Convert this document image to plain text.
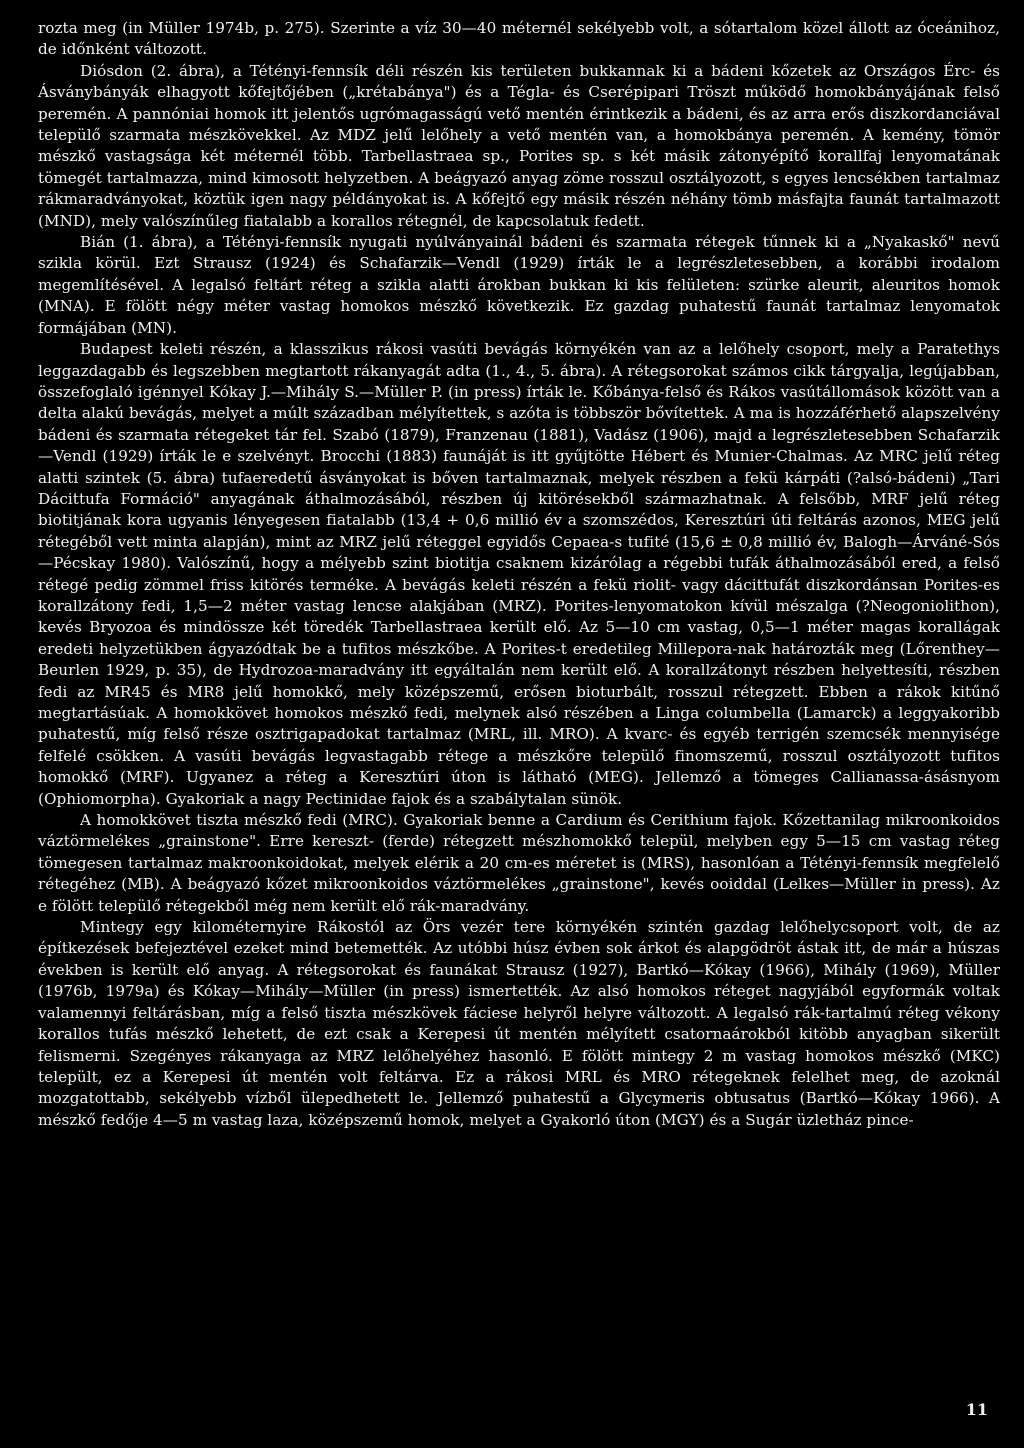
rozta meg (in Müller 1974b, p. 275). Szerinte a víz 30—40 méternél sekélyebb volt, a sótartalom közel állott az óceánihoz, de időnként változott.

Diósdon (2. ábra), a Tétényi-fennsík déli részén kis területen bukkannak ki a bádeni kőzetek az Országos Érc- és Ásványbányák elhagyott kőfejtőjében („krétabánya") és a Tégla- és Cserépipari Tröszt működő homokbányájának felső peremén. A pannóniai homok itt jelentős ugrómagasságú vető mentén érintkezik a bádeni, és az arra erős diszkordanciával települő szarmata mészkövekkel. Az MDZ jelű lelőhely a vető mentén van, a homokbánya peremén. A kemény, tömör mészkő vastagsága két méternél több. Tarbellastraea sp., Porites sp. s két másik zátonyépítő korallfaj lenyomatának tömegét tartalmazza, mind kimosott helyzetben. A beágyazó anyag zöme rosszul osztályozott, s egyes lencsékben tartalmaz rákmaradványokat, köztük igen nagy példányokat is. A kőfejtő egy másik részén néhány tömb másfajta faunát tartalmazott (MND), mely valószínűleg fiatalabb a korallos rétegnél, de kapcsolatuk fedett.

Bián (1. ábra), a Tétényi-fennsík nyugati nyúlványainál bádeni és szarmata rétegek tűnnek ki a „Nyakaskő" nevű szikla körül. Ezt Strausz (1924) és Schafarzik—Vendl (1929) írták le a legrészletesebben, a korábbi irodalom megemlítésével. A legalsó feltárt réteg a szikla alatti árokban bukkan ki kis felületen: szürke aleurit, aleuritos homok (MNA). E fölött négy méter vastag homokos mészkő következik. Ez gazdag puhatestű faunát tartalmaz lenyomatok formájában (MN).

Budapest keleti részén, a klasszikus rákosi vasúti bevágás környékén van az a lelőhely csoport, mely a Paratethys leggazdagabb és legszebben megtartott rákanyagát adta (1., 4., 5. ábra). A rétegsorokat számos cikk tárgyalja, legújabban, összefoglaló igénnyel Kókay J.—Mihály S.—Müller P. (in press) írták le. Kőbánya-felső és Rákos vasútállomások között van a delta alakú bevágás, melyet a múlt században mélyítettek, s azóta is többször bővítettek. A ma is hozzáférhető alapszelvény bádeni és szarmata rétegeket tár fel. Szabó (1879), Franzenau (1881), Vadász (1906), majd a legrészletesebben Schafarzik—Vendl (1929) írták le e szelvényt. Brocchi (1883) faunáját is itt gyűjtötte Hébert és Munier-Chalmas. Az MRC jelű réteg alatti szintek (5. ábra) tufaeredetű ásványokat is bőven tartalmaznak, melyek részben a fekü kárpáti (?alsó-bádeni) „Tari Dácittufa Formáció" anyagának áthalmozásából, részben új kitörésekből származhatnak. A felsőbb, MRF jelű réteg biotitjának kora ugyanis lényegesen fiatalabb (13,4 + 0,6 millió év a szomszédos, Keresztúri úti feltárás azonos, MEG jelű rétegéből vett minta alapján), mint az MRZ jelű réteggel egyidős Cepaea-s tufité (15,6 ± 0,8 millió év, Balogh—Árváné-Sós—Pécskay 1980). Valószínű, hogy a mélyebb szint biotitja csaknem kizárólag a régebbi tufák áthalmozásából ered, a felső rétegé pedig zömmel friss kitörés terméke. A bevágás keleti részén a fekü riolit- vagy dácittufát diszkordánsan Porites-es korallzátony fedi, 1,5—2 méter vastag lencse alakjában (MRZ). Porites-lenyomatokon kívül mészalga (?Neogoniolithon), kevés Bryozoa és mindössze két töredék Tarbellastraea került elő. Az 5—10 cm vastag, 0,5—1 méter magas korallágak eredeti helyzetükben ágyazódtak be a tufitos mészkőbe. A Porites-t eredetileg Millepora-nak határozták meg (Lőrenthey—Beurlen 1929, p. 35), de Hydrozoa-maradvány itt egyáltalán nem került elő. A korallzátonyt részben helyettesíti, részben fedi az MR45 és MR8 jelű homokkő, mely középszemű, erősen bioturbált, rosszul rétegzett. Ebben a rákok kitűnő megtartásúak. A homokkövet homokos mészkő fedi, melynek alsó részében a Linga columbella (Lamarck) a leggyakoribb puhatestű, míg felső része osztrigapadokat tartalmaz (MRL, ill. MRO). A kvarc- és egyéb terrigén szemcsék mennyisége felfelé csökken. A vasúti bevágás legvastagabb rétege a mészkőre települő finomszemű, rosszul osztályozott tufitos homokkő (MRF). Ugyanez a réteg a Keresztúri úton is látható (MEG). Jellemző a tömeges Callianassa-ásásnyom (Ophiomorpha). Gyakoriak a nagy Pectinidae fajok és a szabálytalan sünök.

A homokkövet tiszta mészkő fedi (MRC). Gyakoriak benne a Cardium és Cerithium fajok. Kőzettanilag mikroonkoidos váztörmelékes „grainstone". Erre kereszt- (ferde) rétegzett mészhomokkő települ, melyben egy 5—15 cm vastag réteg tömegesen tartalmaz makroonkoidokat, melyek elérik a 20 cm-es méretet is (MRS), hasonlóan a Tétényi-fennsík megfelelő rétegéhez (MB). A beágyazó kőzet mikroonkoidos váztörmelékes „grainstone", kevés ooiddal (Lelkes—Müller in press). Az e fölött települő rétegekből még nem került elő rák-maradvány.

Mintegy egy kilométernyire Rákostól az Örs vezér tere környékén szintén gazdag lelőhelycsoport volt, de az építkezések befejeztével ezeket mind betemették. Az utóbbi húsz évben sok árkot és alapgödröt ástak itt, de már a húszas években is került elő anyag. A rétegsorokat és faunákat Strausz (1927), Bartkó—Kókay (1966), Mihály (1969), Müller (1976b, 1979a) és Kókay—Mihály—Müller (in press) ismertették. Az alsó homokos réteget nagyjából egyformák voltak valamennyi feltárásban, míg a felső tiszta mészkövek fáciese helyről helyre változott. A legalsó rák-tartalmú réteg vékony korallos tufás mészkő lehetett, de ezt csak a Kerepesi út mentén mélyített csatornaárokból kitöbb anyagban sikerült felismerni. Szegényes rákanyaga az MRZ lelőhelyéhez hasonló. E fölött mintegy 2 m vastag homokos mészkő (MKC) települt, ez a Kerepesi út mentén volt feltárva. Ez a rákosi MRL és MRO rétegeknek felelhet meg, de azoknál mozgatottabb, sekélyebb vízből ülepedhetett le. Jellemző puhatestű a Glycymeris obtusatus (Bartkó—Kókay 1966). A mészkő fedője 4—5 m vastag laza, középszemű homok, melyet a Gyakorló úton (MGY) és a Sugár üzletház pince-

11
